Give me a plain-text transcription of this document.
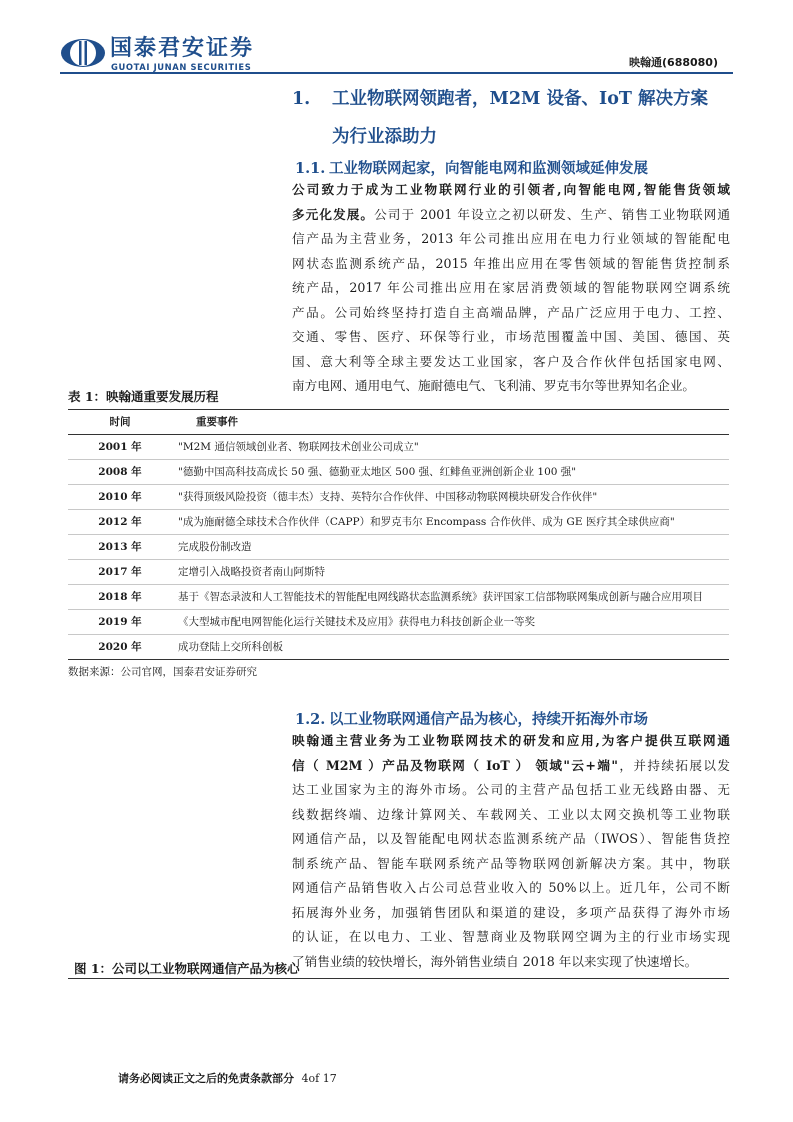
国泰君安证券
GUOTAI JUNAN SECURITIES	映翰通(688080)
1. 工业物联网领跑者，M2M 设备、IoT 解决方案
为行业添助力
1.1. 工业物联网起家，向智能电网和监测领域延伸发展
公司致力于成为工业物联网行业的引领者,向智能电网,智能售货领域
多元化发展。公司于 2001 年设立之初以研发、生产、销售工业物联网通
信产品为主营业务，2013 年公司推出应用在电力行业领域的智能配电
网状态监测系统产品，2015 年推出应用在零售领域的智能售货控制系
统产品，2017 年公司推出应用在家居消费领域的智能物联网空调系统
产品。公司始终坚持打造自主高端品牌，产品广泛应用于电力、工控、
交通、零售、医疗、环保等行业，市场范围覆盖中国、美国、德国、英
国、意大利等全球主要发达工业国家，客户及合作伙伴包括国家电网、
南方电网、通用电气、施耐德电气、飞利浦、罗克韦尔等世界知名企业。
表 1：映翰通重要发展历程
时间	重要事件
2001 年	"M2M 通信领域创业者、物联网技术创业公司成立"
2008 年	"德勤中国高科技高成长 50 强、德勤亚太地区 500 强、红鲱鱼亚洲创新企业 100 强"
2010 年	"获得顶级风险投资（德丰杰）支持、英特尔合作伙伴、中国移动物联网模块研发合作伙伴"
2012 年	"成为施耐德全球技术合作伙伴（CAPP）和罗克韦尔 Encompass 合作伙伴、成为 GE 医疗其全球供应商"
2013 年	完成股份制改造
2017 年	定增引入战略投资者南山阿斯特
2018 年	基于《智态录波和人工智能技术的智能配电网线路状态监测系统》获评国家工信部物联网集成创新与融合应用项目
2019 年	《大型城市配电网智能化运行关键技术及应用》获得电力科技创新企业一等奖
2020 年	成功登陆上交所科创板
数据来源：公司官网，国泰君安证券研究
1.2. 以工业物联网通信产品为核心，持续开拓海外市场
映翰通主营业务为工业物联网技术的研发和应用,为客户提供互联网通
信（ M2M ）产品及物联网（ IoT ） 领域"云+端"，并持续拓展以发
达工业国家为主的海外市场。公司的主营产品包括工业无线路由器、无
线数据终端、边缘计算网关、车载网关、工业以太网交换机等工业物联
网通信产品，以及智能配电网状态监测系统产品（IWOS）、智能售货控
制系统产品、智能车联网系统产品等物联网创新解决方案。其中，物联
网通信产品销售收入占公司总营业收入的 50%以上。近几年，公司不断
拓展海外业务，加强销售团队和渠道的建设，多项产品获得了海外市场
的认证，在以电力、工业、智慧商业及物联网空调为主的行业市场实现
了销售业绩的较快增长，海外销售业绩自 2018 年以来实现了快速增长。
图 1：公司以工业物联网通信产品为核心
请务必阅读正文之后的免责条款部分 4of 17
